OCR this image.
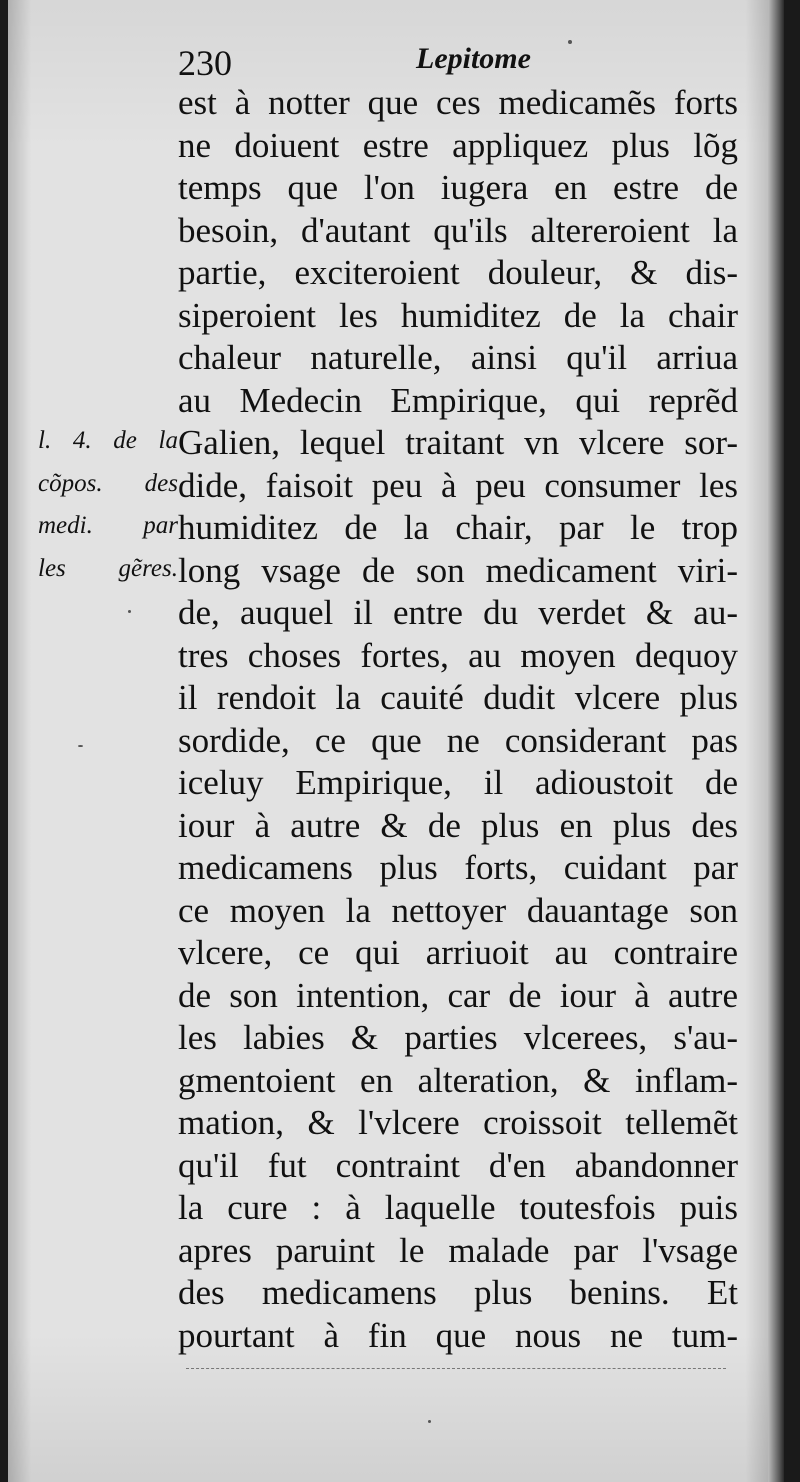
230	Lepitome
est à notter que ces medicamẽs forts
ne doiuent estre appliquez plus lõg
temps que l'on iugera en estre de
besoin, d'autant qu'ils altereroient la
partie, exciteroient douleur, & dis-
siperoient les humiditez de la chair
chaleur naturelle, ainsi qu'il arriua
au Medecin Empirique, qui reprẽd
Galien, lequel traitant vn vlcere sor-
dide, faisoit peu à peu consumer les
humiditez de la chair, par le trop
long vsage de son medicament viri-
de, auquel il entre du verdet & au-
tres choses fortes, au moyen dequoy
il rendoit la cauité dudit vlcere plus
sordide, ce que ne considerant pas
iceluy Empirique, il adioustoit de
iour à autre & de plus en plus des
medicamens plus forts, cuidant par
ce moyen la nettoyer dauantage son
vlcere, ce qui arriuoit au contraire
de son intention, car de iour à autre
les labies & parties vlcerees, s'au-
gmentoient en alteration, & inflam-
mation, & l'vlcere croissoit tellemẽt
qu'il fut contraint d'en abandonner
la cure : à laquelle toutesfois puis
apres paruint le malade par l'vsage
des medicamens plus benins. Et
pourtant à fin que nous ne tum-
l. 4. de la
cõpos. des
medi. par
les gẽres.
